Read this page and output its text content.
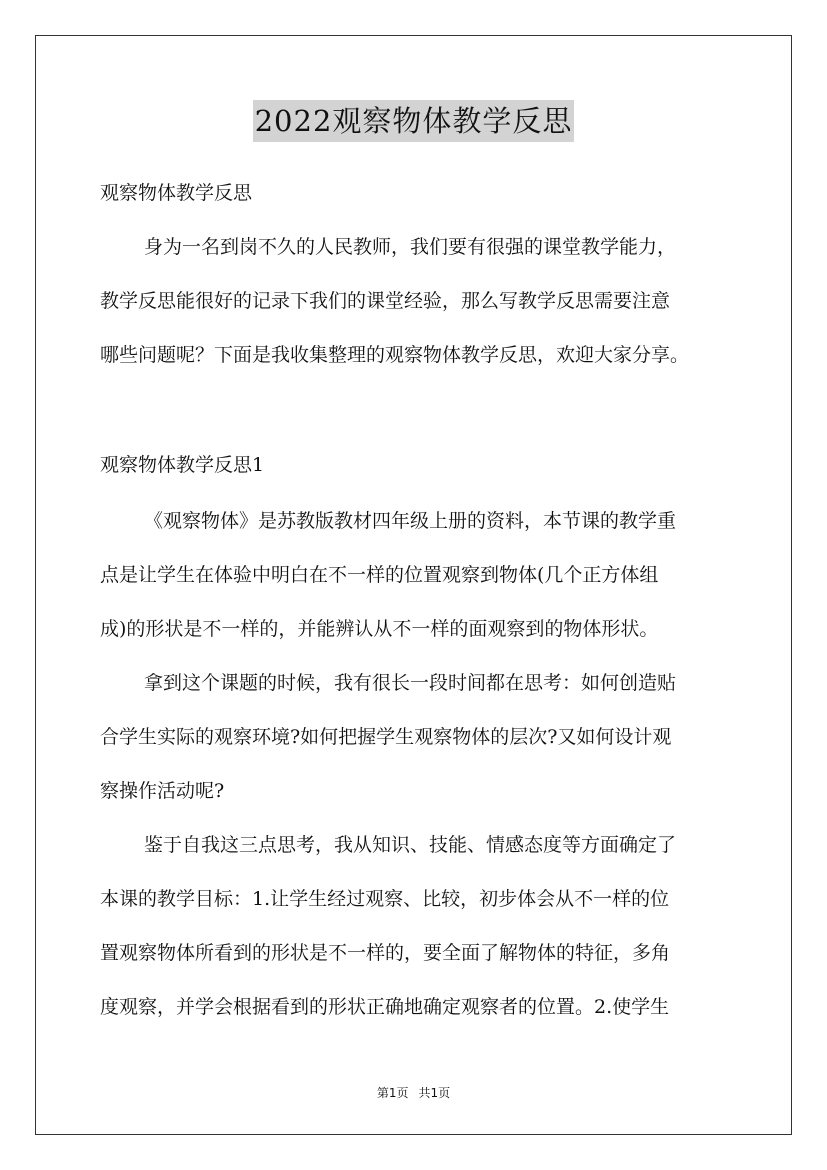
2022观察物体教学反思
观察物体教学反思
身为一名到岗不久的人民教师，我们要有很强的课堂教学能力，
教学反思能很好的记录下我们的课堂经验，那么写教学反思需要注意
哪些问题呢？下面是我收集整理的观察物体教学反思，欢迎大家分享。
观察物体教学反思1
《观察物体》是苏教版教材四年级上册的资料，本节课的教学重
点是让学生在体验中明白在不一样的位置观察到物体(几个正方体组
成)的形状是不一样的，并能辨认从不一样的面观察到的物体形状。
拿到这个课题的时候，我有很长一段时间都在思考：如何创造贴
合学生实际的观察环境?如何把握学生观察物体的层次?又如何设计观
察操作活动呢?
鉴于自我这三点思考，我从知识、技能、情感态度等方面确定了
本课的教学目标：1.让学生经过观察、比较，初步体会从不一样的位
置观察物体所看到的形状是不一样的，要全面了解物体的特征，多角
度观察，并学会根据看到的形状正确地确定观察者的位置。2.使学生
第1页 共1页
